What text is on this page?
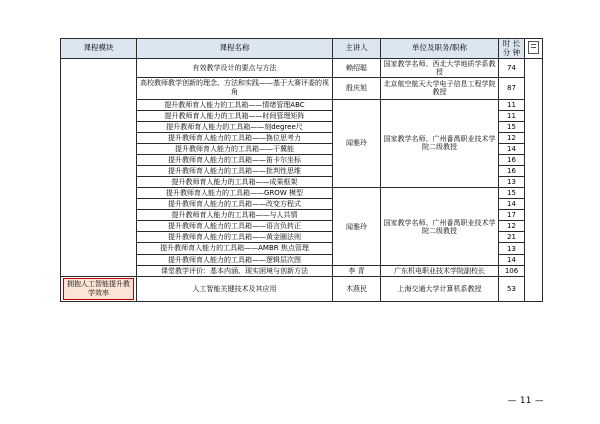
课程模块	课程名称	主讲人	单位及职务/职称	时 长
分 钟	

	有效教学设计的要点与方法	赖绍聪	国家教学名师、西北大学地质学系教授	74	
	高校教师教学创新的理念、方法和实践——基于大赛评委的视角	殷庆旭	北京航空航天大学电子信息工程学院教授	87	
	提升教师育人能力的工具箱——情绪管理ABC	闻雅玲	国家教学名师、广州番禺职业技术学院二级教授	11	
	提升教师育人能力的工具箱——时间管理矩阵			11	
	提升教师育人能力的工具箱——刻degree尺			15	
	提升教师育人能力的工具箱——换位思考力			12	
	提升教师育人能力的工具箱——干冀能			14	
	提升教师育人能力的工具箱——笛卡尔坐标			16	
	提升教师育人能力的工具箱——批判性思维			16	
	提升教师育人能力的工具箱——成果框架			13	
	提升教师育人能力的工具箱——GROW 模型	闻雅玲	国家教学名师、广州番禺职业技术学院二级教授	15	
	提升教师育人能力的工具箱——改变方程式			14	
	提升教师育人能力的工具箱——与人共情			17	
	提升教师育人能力的工具箱——语言负转正			12	
	提升教师育人能力的工具箱——黄金圈法则			21	
	提升教师育人能力的工具箱——AMBR 焦点管理			13	
	提升教师育人能力的工具箱——逻辑层次图			14	
	课堂教学评价：基本内涵、现实困境与创新方法	李 青	广东机电职业技术学院副校长	106	
拥抱人工智能提升教学效率	人工智能关键技术及其应用	木燕民	上海交通大学计算机系教授	53	
— 11 —
